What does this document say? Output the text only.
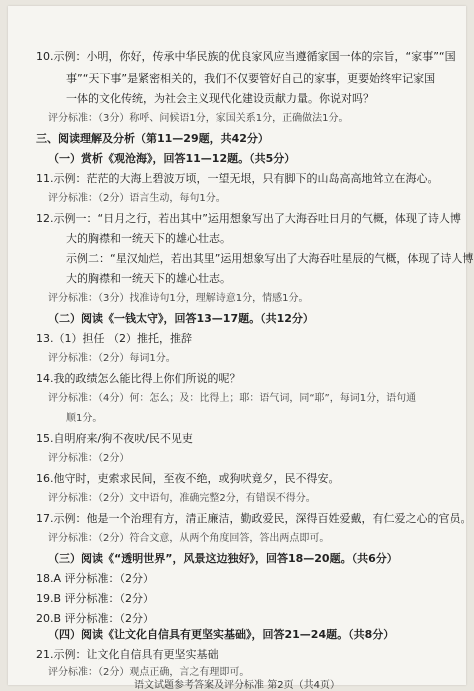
10.示例：小明，你好，传承中华民族的优良家风应当遵循家国一体的宗旨，“家事”“国
事”“天下事”是紧密相关的，我们不仅要管好自己的家事，更要始终牢记家国
一体的文化传统，为社会主义现代化建设贡献力量。你说对吗？
评分标准：（3分）称呼、问候语1分，家国关系1分，正确做法1分。
三、阅读理解及分析（第11—29题，共42分）
（一）赏析《观沧海》，回答11—12题。（共5分）
11.示例：茫茫的大海上碧波万顷，一望无垠，只有脚下的山岛高高地耸立在海心。
评分标准：（2分）语言生动，每句1分。
12.示例一：“日月之行，若出其中”运用想象写出了大海吞吐日月的气概，体现了诗人博
大的胸襟和一统天下的雄心壮志。
示例二：“星汉灿烂，若出其里”运用想象写出了大海吞吐星辰的气概，体现了诗人博
大的胸襟和一统天下的雄心壮志。
评分标准：（3分）找准诗句1分，理解诗意1分，情感1分。
（二）阅读《一钱太守》，回答13—17题。（共12分）
13.（1）担任 （2）推托，推辞
评分标准：（2分）每词1分。
14.我的政绩怎么能比得上你们所说的呢？
评分标准：（4分）何：怎么；及：比得上；耶：语气词，同“耶”，每词1分，语句通
顺1分。
15.自明府来/狗不夜吠/民不见吏
评分标准：（2分）
16.他守时，吏索求民间，至夜不绝，或狗吠竟夕，民不得安。
评分标准：（2分）文中语句，准确完整2分，有错误不得分。
17.示例：他是一个治理有方，清正廉洁，勤政爱民，深得百姓爱戴，有仁爱之心的官员。
评分标准：（2分）符合文意，从两个角度回答，答出两点即可。
（三）阅读《“透明世界”，风景这边独好》，回答18—20题。（共6分）
18.A 评分标准：（2分）
19.B 评分标准：（2分）
20.B 评分标准：（2分）
（四）阅读《让文化自信具有更坚实基础》，回答21—24题。（共8分）
21.示例：让文化自信具有更坚实基础
评分标准：（2分）观点正确，言之有理即可。
语文试题参考答案及评分标准 第2页（共4页）
